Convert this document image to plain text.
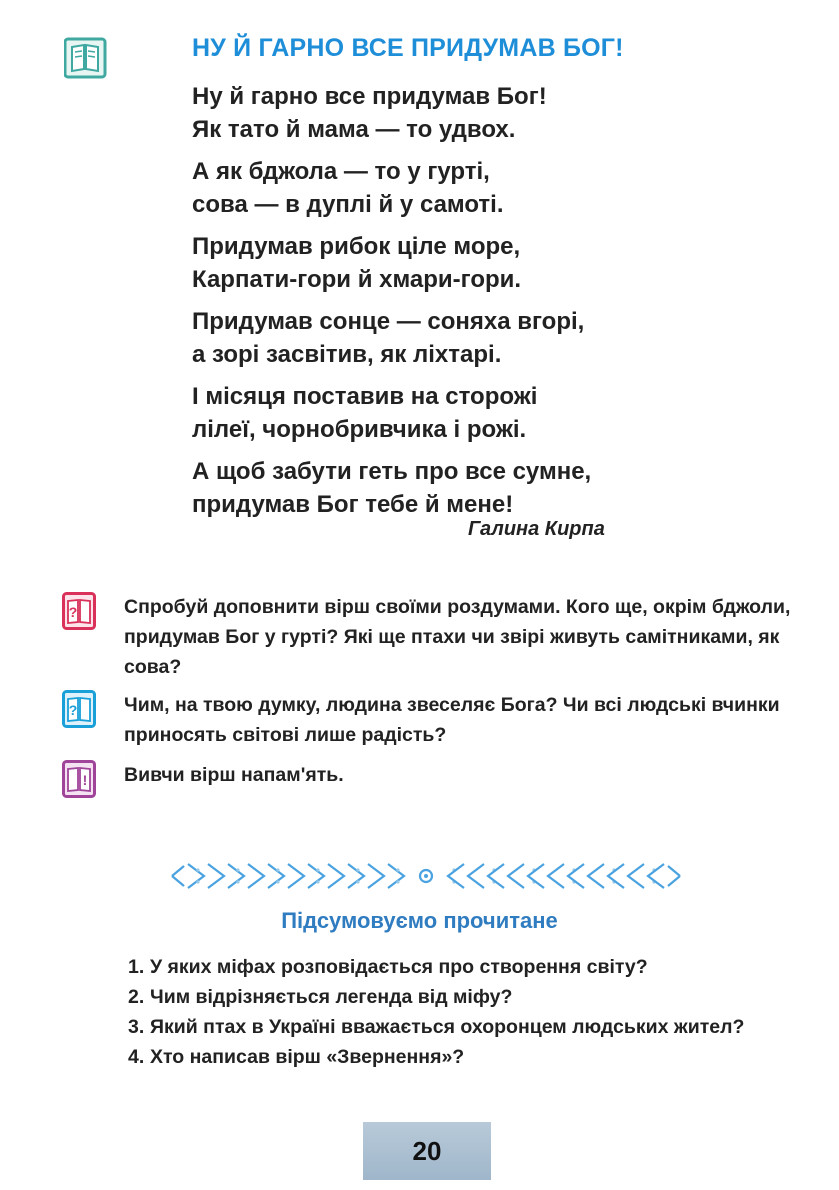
НУ Й ГАРНО ВСЕ ПРИДУМАВ БОГ!
Ну й гарно все придумав Бог!
Як тато й мама — то удвох.
А як бджола — то у гурті,
сова — в дуплі й у самоті.
Придумав рибок ціле море,
Карпати-гори й хмари-гори.
Придумав сонце — соняха вгорі,
а зорі засвітив, як ліхтарі.
І місяця поставив на сторожі
лілеї, чорнобривчика і рожі.
А щоб забути геть про все сумне,
придумав Бог тебе й мене!
Галина Кирпа
? Спробуй доповнити вірш своїми роздумами. Кого ще, окрім бджоли, придумав Бог у гурті? Які ще птахи чи звірі живуть самітниками, як сова?
? Чим, на твою думку, людина звеселяє Бога? Чи всі людські вчинки приносять світові лише радість?
! Вивчи вірш напам'ять.
Підсумовуємо прочитане
1. У яких міфах розповідається про створення світу?
2. Чим відрізняється легенда від міфу?
3. Який птах в Україні вважається охоронцем людських жител?
4. Хто написав вірш «Звернення»?
20
